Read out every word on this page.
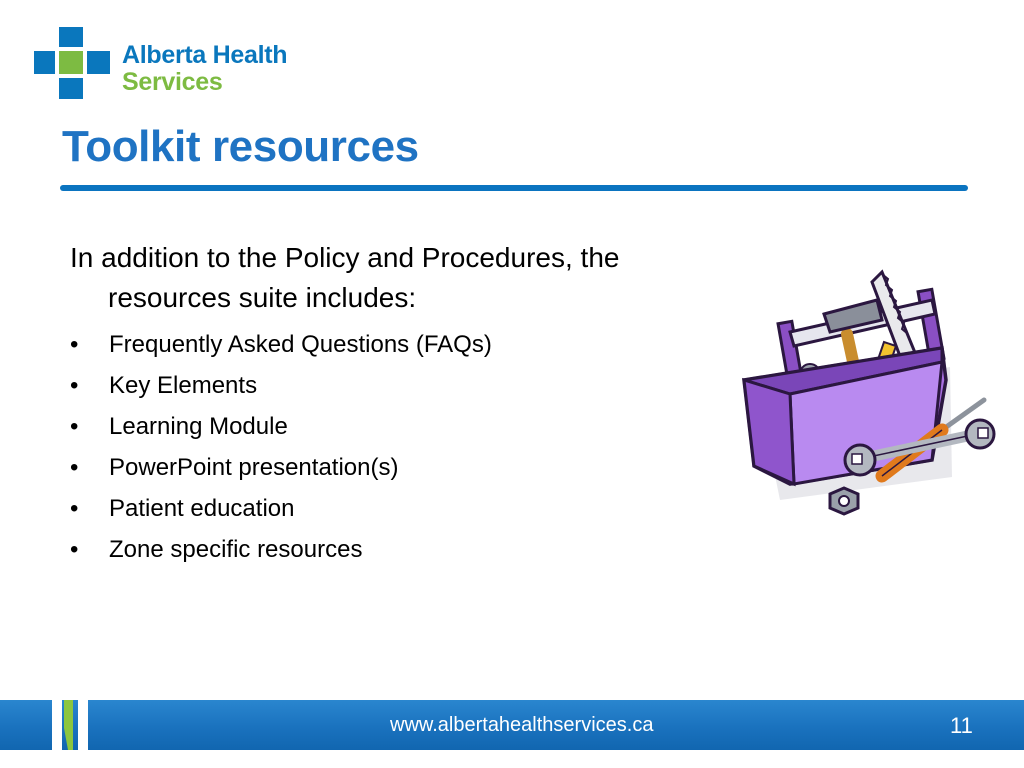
Alberta Health
Services
Toolkit resources

In addition to the Policy and Procedures, the resources suite includes:

• Frequently Asked Questions (FAQs)
• Key Elements
• Learning Module
• PowerPoint presentation(s)
• Patient education
• Zone specific resources
www.albertahealthservices.ca	11
